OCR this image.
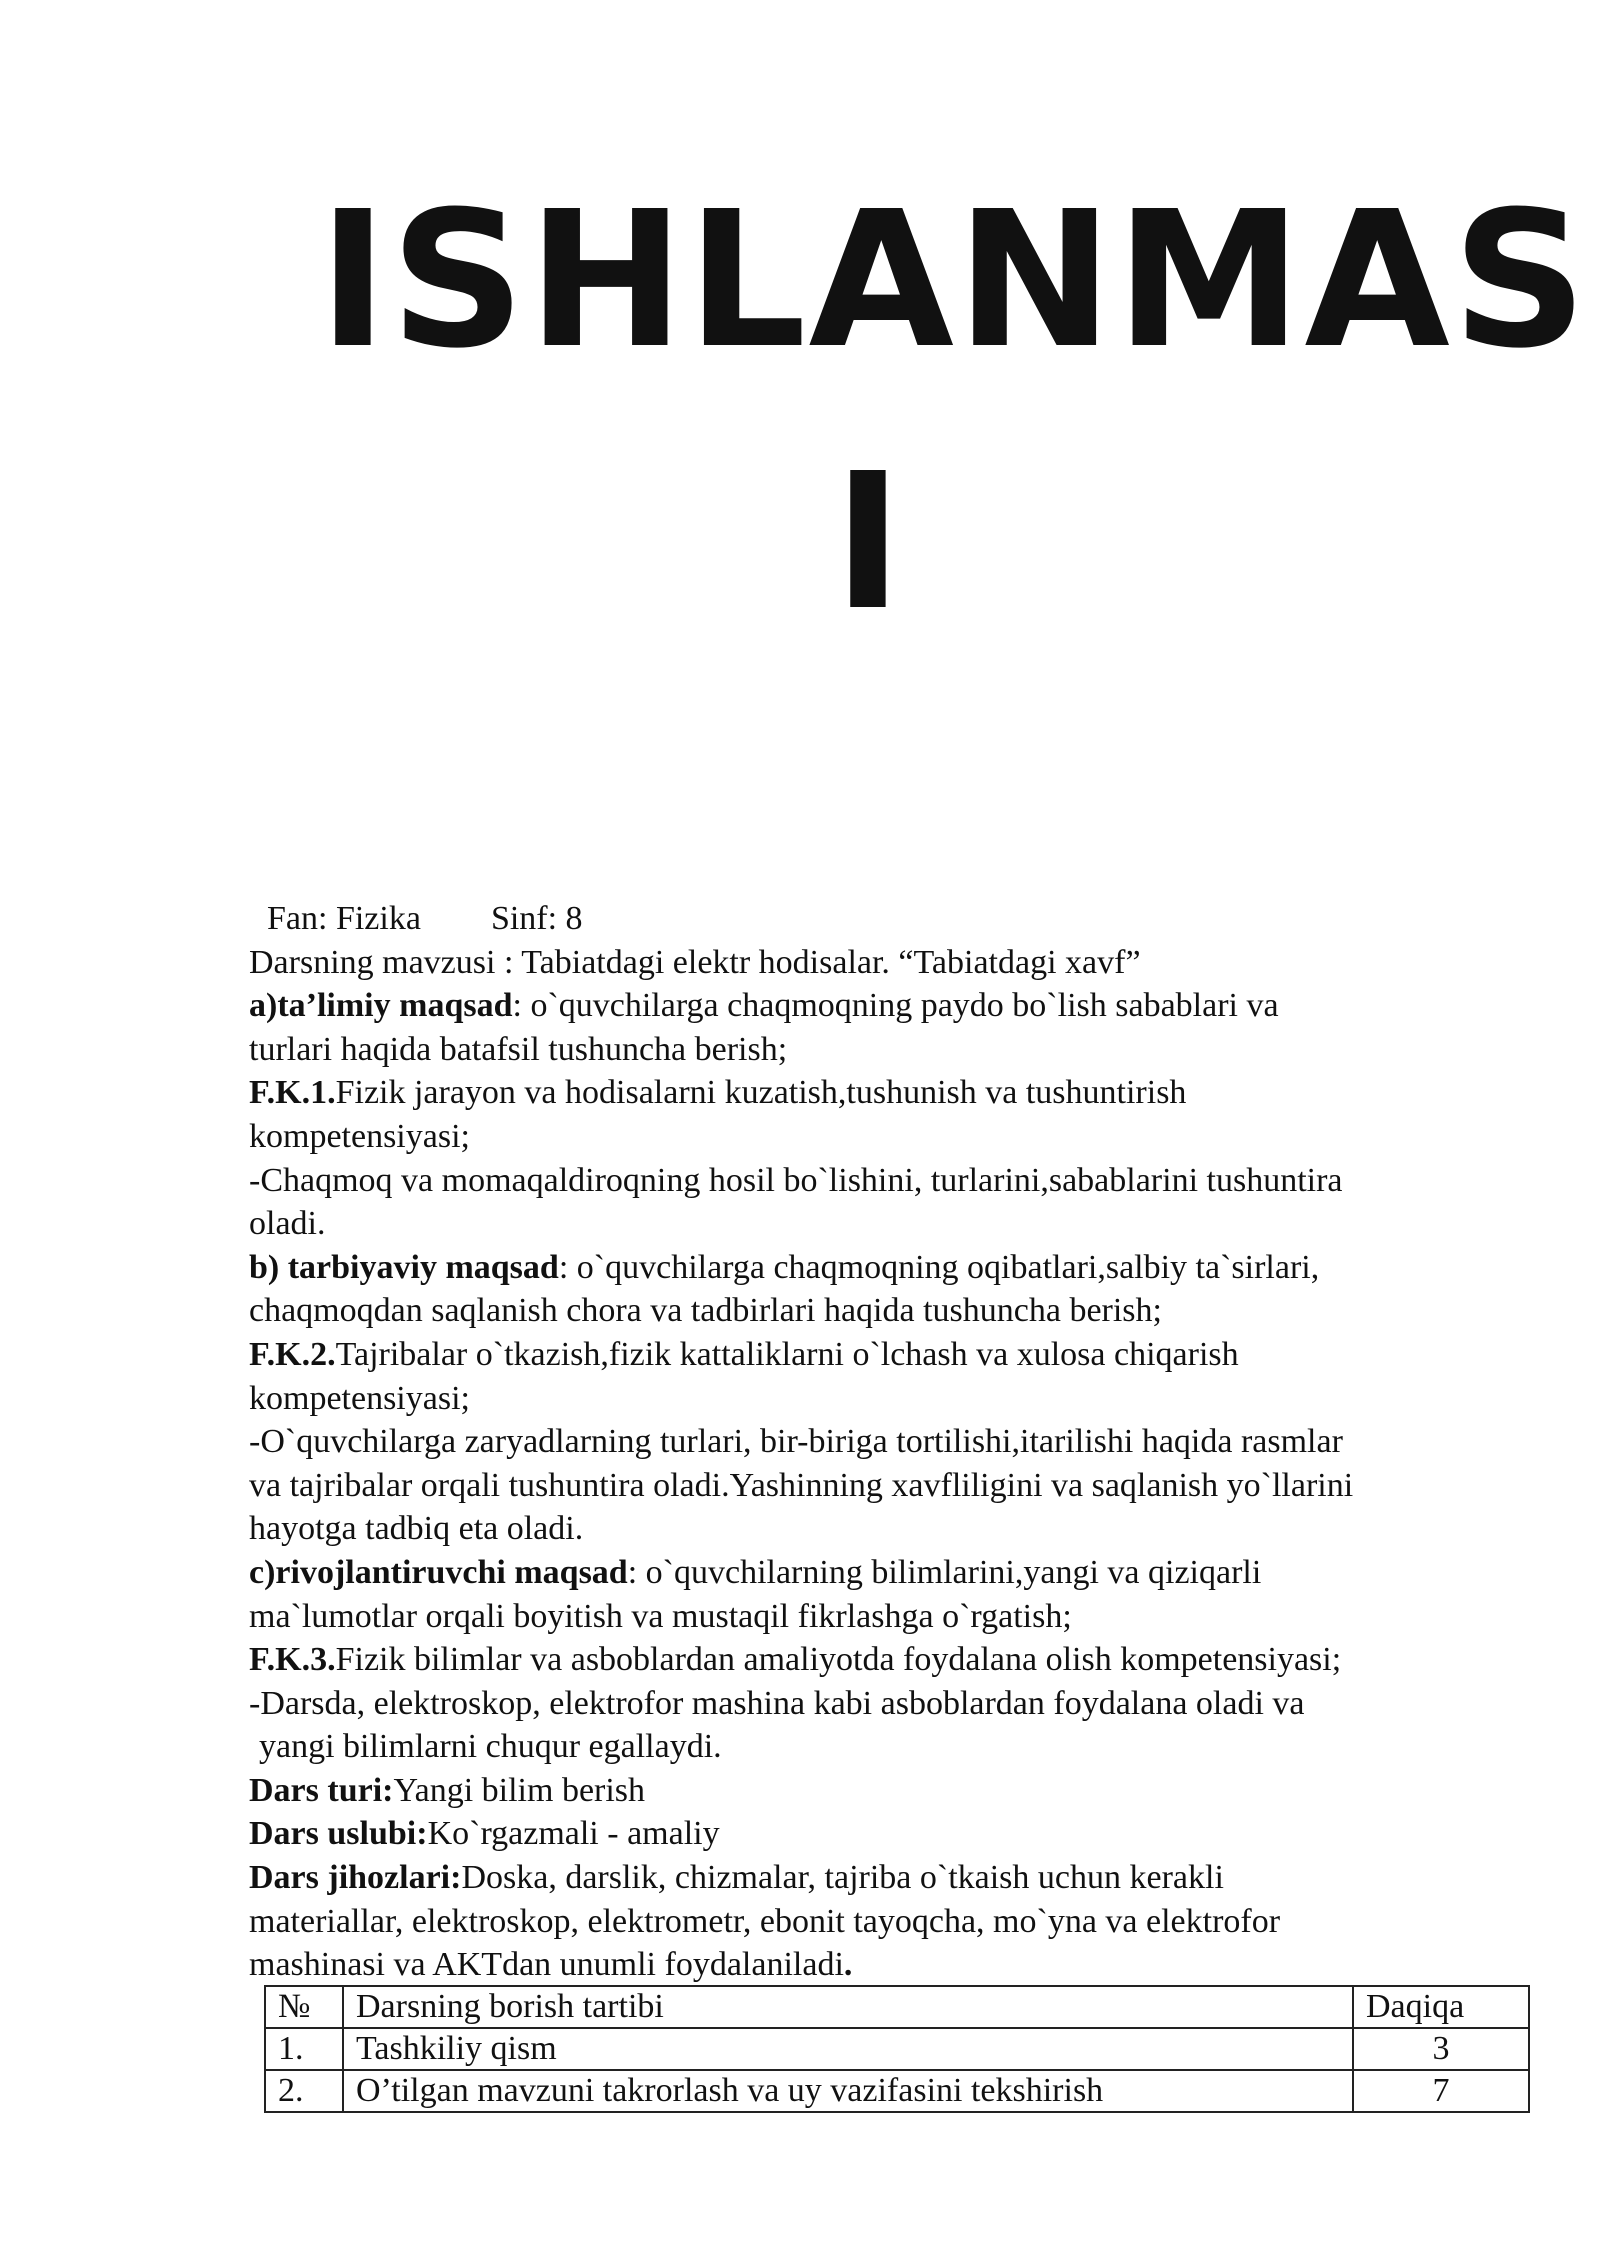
ISHLANMAS
I
Fan: Fizika Sinf: 8
Darsning mavzusi : Tabiatdagi elektr hodisalar. “Tabiatdagi xavf”
a)ta’limiy maqsad: o`quvchilarga chaqmoqning paydo bo`lish sabablari va
turlari haqida batafsil tushuncha berish;
F.K.1.Fizik jarayon va hodisalarni kuzatish,tushunish va tushuntirish
kompetensiyasi;
-Chaqmoq va momaqaldiroqning hosil bo`lishini, turlarini,sabablarini tushuntira
oladi.
b) tarbiyaviy maqsad: o`quvchilarga chaqmoqning oqibatlari,salbiy ta`sirlari,
chaqmoqdan saqlanish chora va tadbirlari haqida tushuncha berish;
F.K.2.Tajribalar o`tkazish,fizik kattaliklarni o`lchash va xulosa chiqarish
kompetensiyasi;
-O`quvchilarga zaryadlarning turlari, bir-biriga tortilishi,itarilishi haqida rasmlar
va tajribalar orqali tushuntira oladi.Yashinning xavfliligini va saqlanish yo`llarini
hayotga tadbiq eta oladi.
c)rivojlantiruvchi maqsad: o`quvchilarning bilimlarini,yangi va qiziqarli
ma`lumotlar orqali boyitish va mustaqil fikrlashga o`rgatish;
F.K.3.Fizik bilimlar va asboblardan amaliyotda foydalana olish kompetensiyasi;
-Darsda, elektroskop, elektrofor mashina kabi asboblardan foydalana oladi va
yangi bilimlarni chuqur egallaydi.
Dars turi:Yangi bilim berish
Dars uslubi:Ko`rgazmali - amaliy
Dars jihozlari:Doska, darslik, chizmalar, tajriba o`tkaish uchun kerakli
materiallar, elektroskop, elektrometr, ebonit tayoqcha, mo`yna va elektrofor
mashinasi va AKTdan unumli foydalaniladi.
№	Darsning borish tartibi	Daqiqa
1.	Tashkiliy qism	3
2.	O’tilgan mavzuni takrorlash va uy vazifasini tekshirish	7
